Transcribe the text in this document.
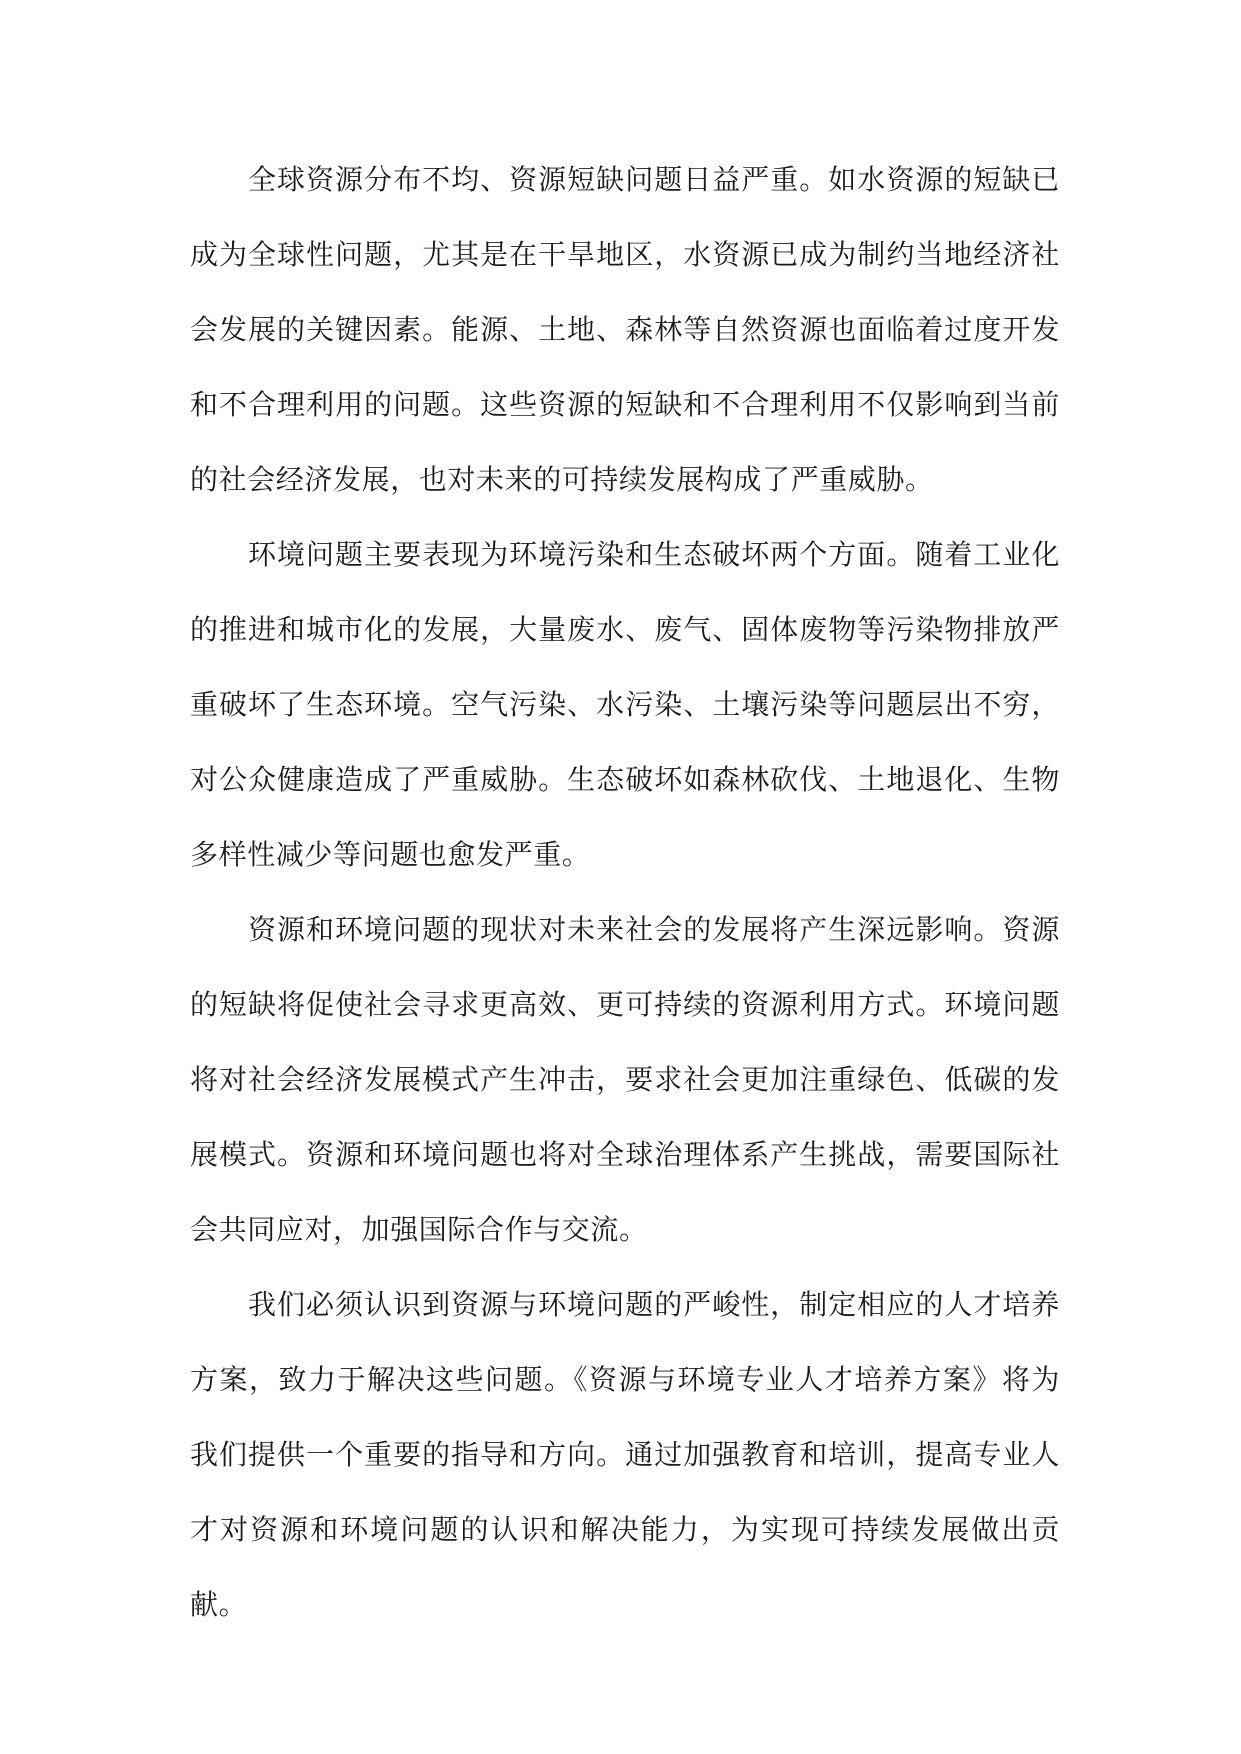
全球资源分布不均、资源短缺问题日益严重。如水资源的短缺已成为全球性问题，尤其是在干旱地区，水资源已成为制约当地经济社会发展的关键因素。能源、土地、森林等自然资源也面临着过度开发和不合理利用的问题。这些资源的短缺和不合理利用不仅影响到当前的社会经济发展，也对未来的可持续发展构成了严重威胁。

环境问题主要表现为环境污染和生态破坏两个方面。随着工业化的推进和城市化的发展，大量废水、废气、固体废物等污染物排放严重破坏了生态环境。空气污染、水污染、土壤污染等问题层出不穷，对公众健康造成了严重威胁。生态破坏如森林砍伐、土地退化、生物多样性减少等问题也愈发严重。

资源和环境问题的现状对未来社会的发展将产生深远影响。资源的短缺将促使社会寻求更高效、更可持续的资源利用方式。环境问题将对社会经济发展模式产生冲击，要求社会更加注重绿色、低碳的发展模式。资源和环境问题也将对全球治理体系产生挑战，需要国际社会共同应对，加强国际合作与交流。

我们必须认识到资源与环境问题的严峻性，制定相应的人才培养方案，致力于解决这些问题。《资源与环境专业人才培养方案》将为我们提供一个重要的指导和方向。通过加强教育和培训，提高专业人才对资源和环境问题的认识和解决能力，为实现可持续发展做出贡献。
